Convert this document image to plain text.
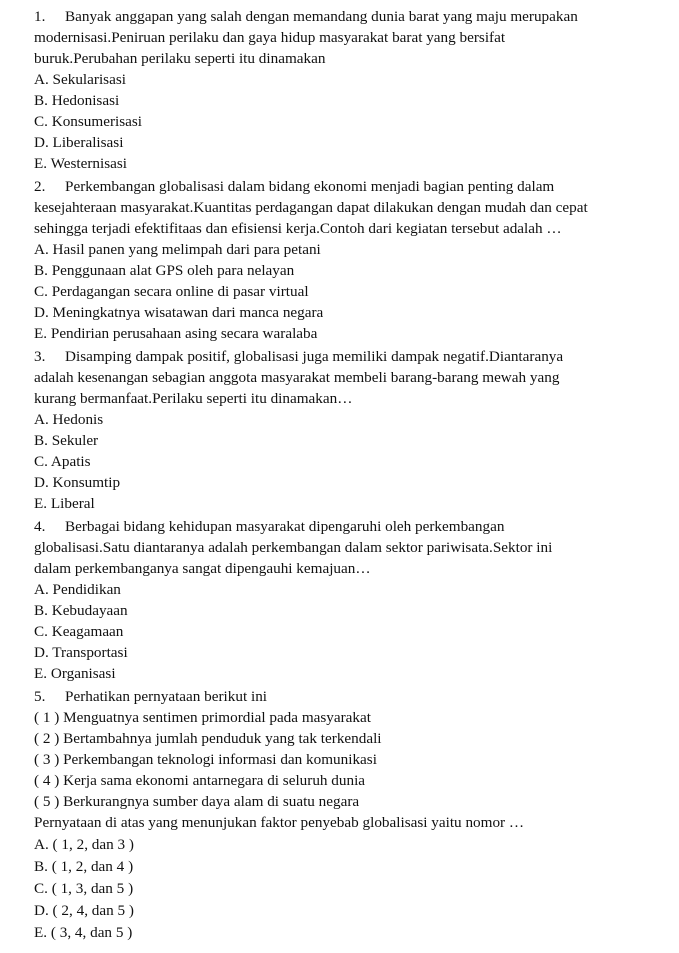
1. Banyak anggapan yang salah dengan memandang dunia barat yang maju merupakan
modernisasi.Peniruan perilaku dan gaya hidup masyarakat barat yang bersifat
buruk.Perubahan perilaku seperti itu dinamakan
A. Sekularisasi
B. Hedonisasi
C. Konsumerisasi
D. Liberalisasi
E. Westernisasi
2. Perkembangan globalisasi dalam bidang ekonomi menjadi bagian penting dalam
kesejahteraan masyarakat.Kuantitas perdagangan dapat dilakukan dengan mudah dan cepat
sehingga terjadi efektifitaas dan efisiensi kerja.Contoh dari kegiatan tersebut adalah …
A. Hasil panen yang melimpah dari para petani
B. Penggunaan alat GPS oleh para nelayan
C. Perdagangan secara online di pasar virtual
D. Meningkatnya wisatawan dari manca negara
E. Pendirian perusahaan asing secara waralaba
3. Disamping dampak positif, globalisasi juga memiliki dampak negatif.Diantaranya
adalah kesenangan sebagian anggota masyarakat membeli barang-barang mewah yang
kurang bermanfaat.Perilaku seperti itu dinamakan…
A. Hedonis
B. Sekuler
C. Apatis
D. Konsumtip
E. Liberal
4. Berbagai bidang kehidupan masyarakat dipengaruhi oleh perkembangan
globalisasi.Satu diantaranya adalah perkembangan dalam sektor pariwisata.Sektor ini
dalam perkembanganya sangat dipengauhi kemajuan…
A. Pendidikan
B. Kebudayaan
C. Keagamaan
D. Transportasi
E. Organisasi
5. Perhatikan pernyataan berikut ini
( 1 ) Menguatnya sentimen primordial pada masyarakat
( 2 ) Bertambahnya jumlah penduduk yang tak terkendali
( 3 ) Perkembangan teknologi informasi dan komunikasi
( 4 ) Kerja sama ekonomi antarnegara di seluruh dunia
( 5 ) Berkurangnya sumber daya alam di suatu negara
Pernyataan di atas yang menunjukan faktor penyebab globalisasi yaitu nomor …
A. ( 1, 2, dan 3 )
B. ( 1, 2, dan 4 )
C. ( 1, 3, dan 5 )
D. ( 2, 4, dan 5 )
E. ( 3, 4, dan 5 )
